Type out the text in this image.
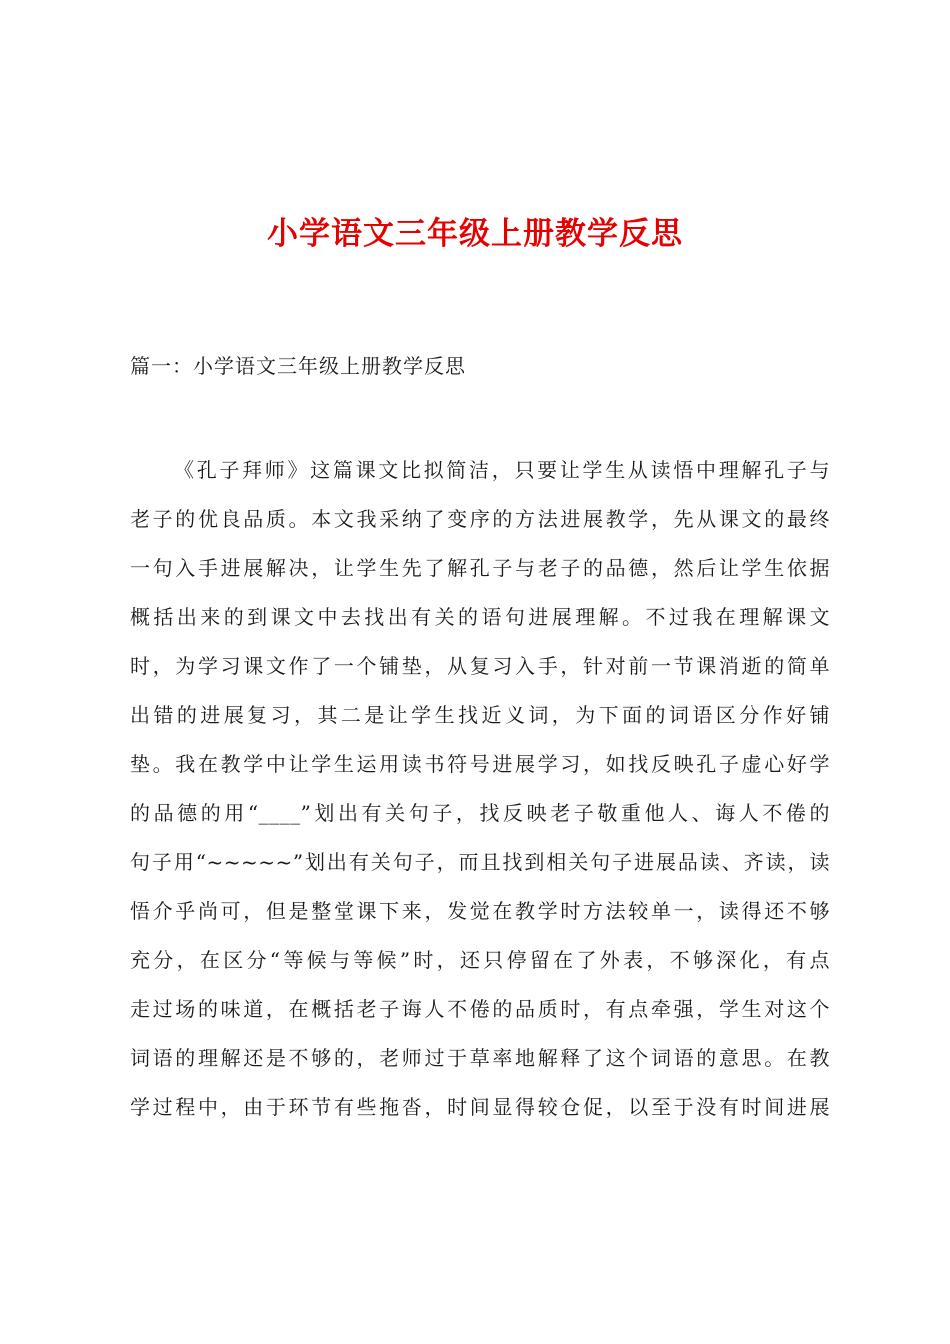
小学语文三年级上册教学反思

篇一：小学语文三年级上册教学反思

《孔子拜师》这篇课文比拟简洁，只要让学生从读悟中理解孔子与
老子的优良品质。本文我采纳了变序的方法进展教学，先从课文的最终
一句入手进展解决，让学生先了解孔子与老子的品德，然后让学生依据
概括出来的到课文中去找出有关的语句进展理解。不过我在理解课文
时，为学习课文作了一个铺垫，从复习入手，针对前一节课消逝的简单
出错的进展复习，其二是让学生找近义词，为下面的词语区分作好铺
垫。我在教学中让学生运用读书符号进展学习，如找反映孔子虚心好学
的品德的用“____”划出有关句子，找反映老子敬重他人、诲人不倦的
句子用“~~~~~”划出有关句子，而且找到相关句子进展品读、齐读，读
悟介乎尚可，但是整堂课下来，发觉在教学时方法较单一，读得还不够
充分，在区分“等候与等候”时，还只停留在了外表，不够深化，有点
走过场的味道，在概括老子诲人不倦的品质时，有点牵强，学生对这个
词语的理解还是不够的，老师过于草率地解释了这个词语的意思。在教
学过程中，由于环节有些拖沓，时间显得较仓促，以至于没有时间进展
